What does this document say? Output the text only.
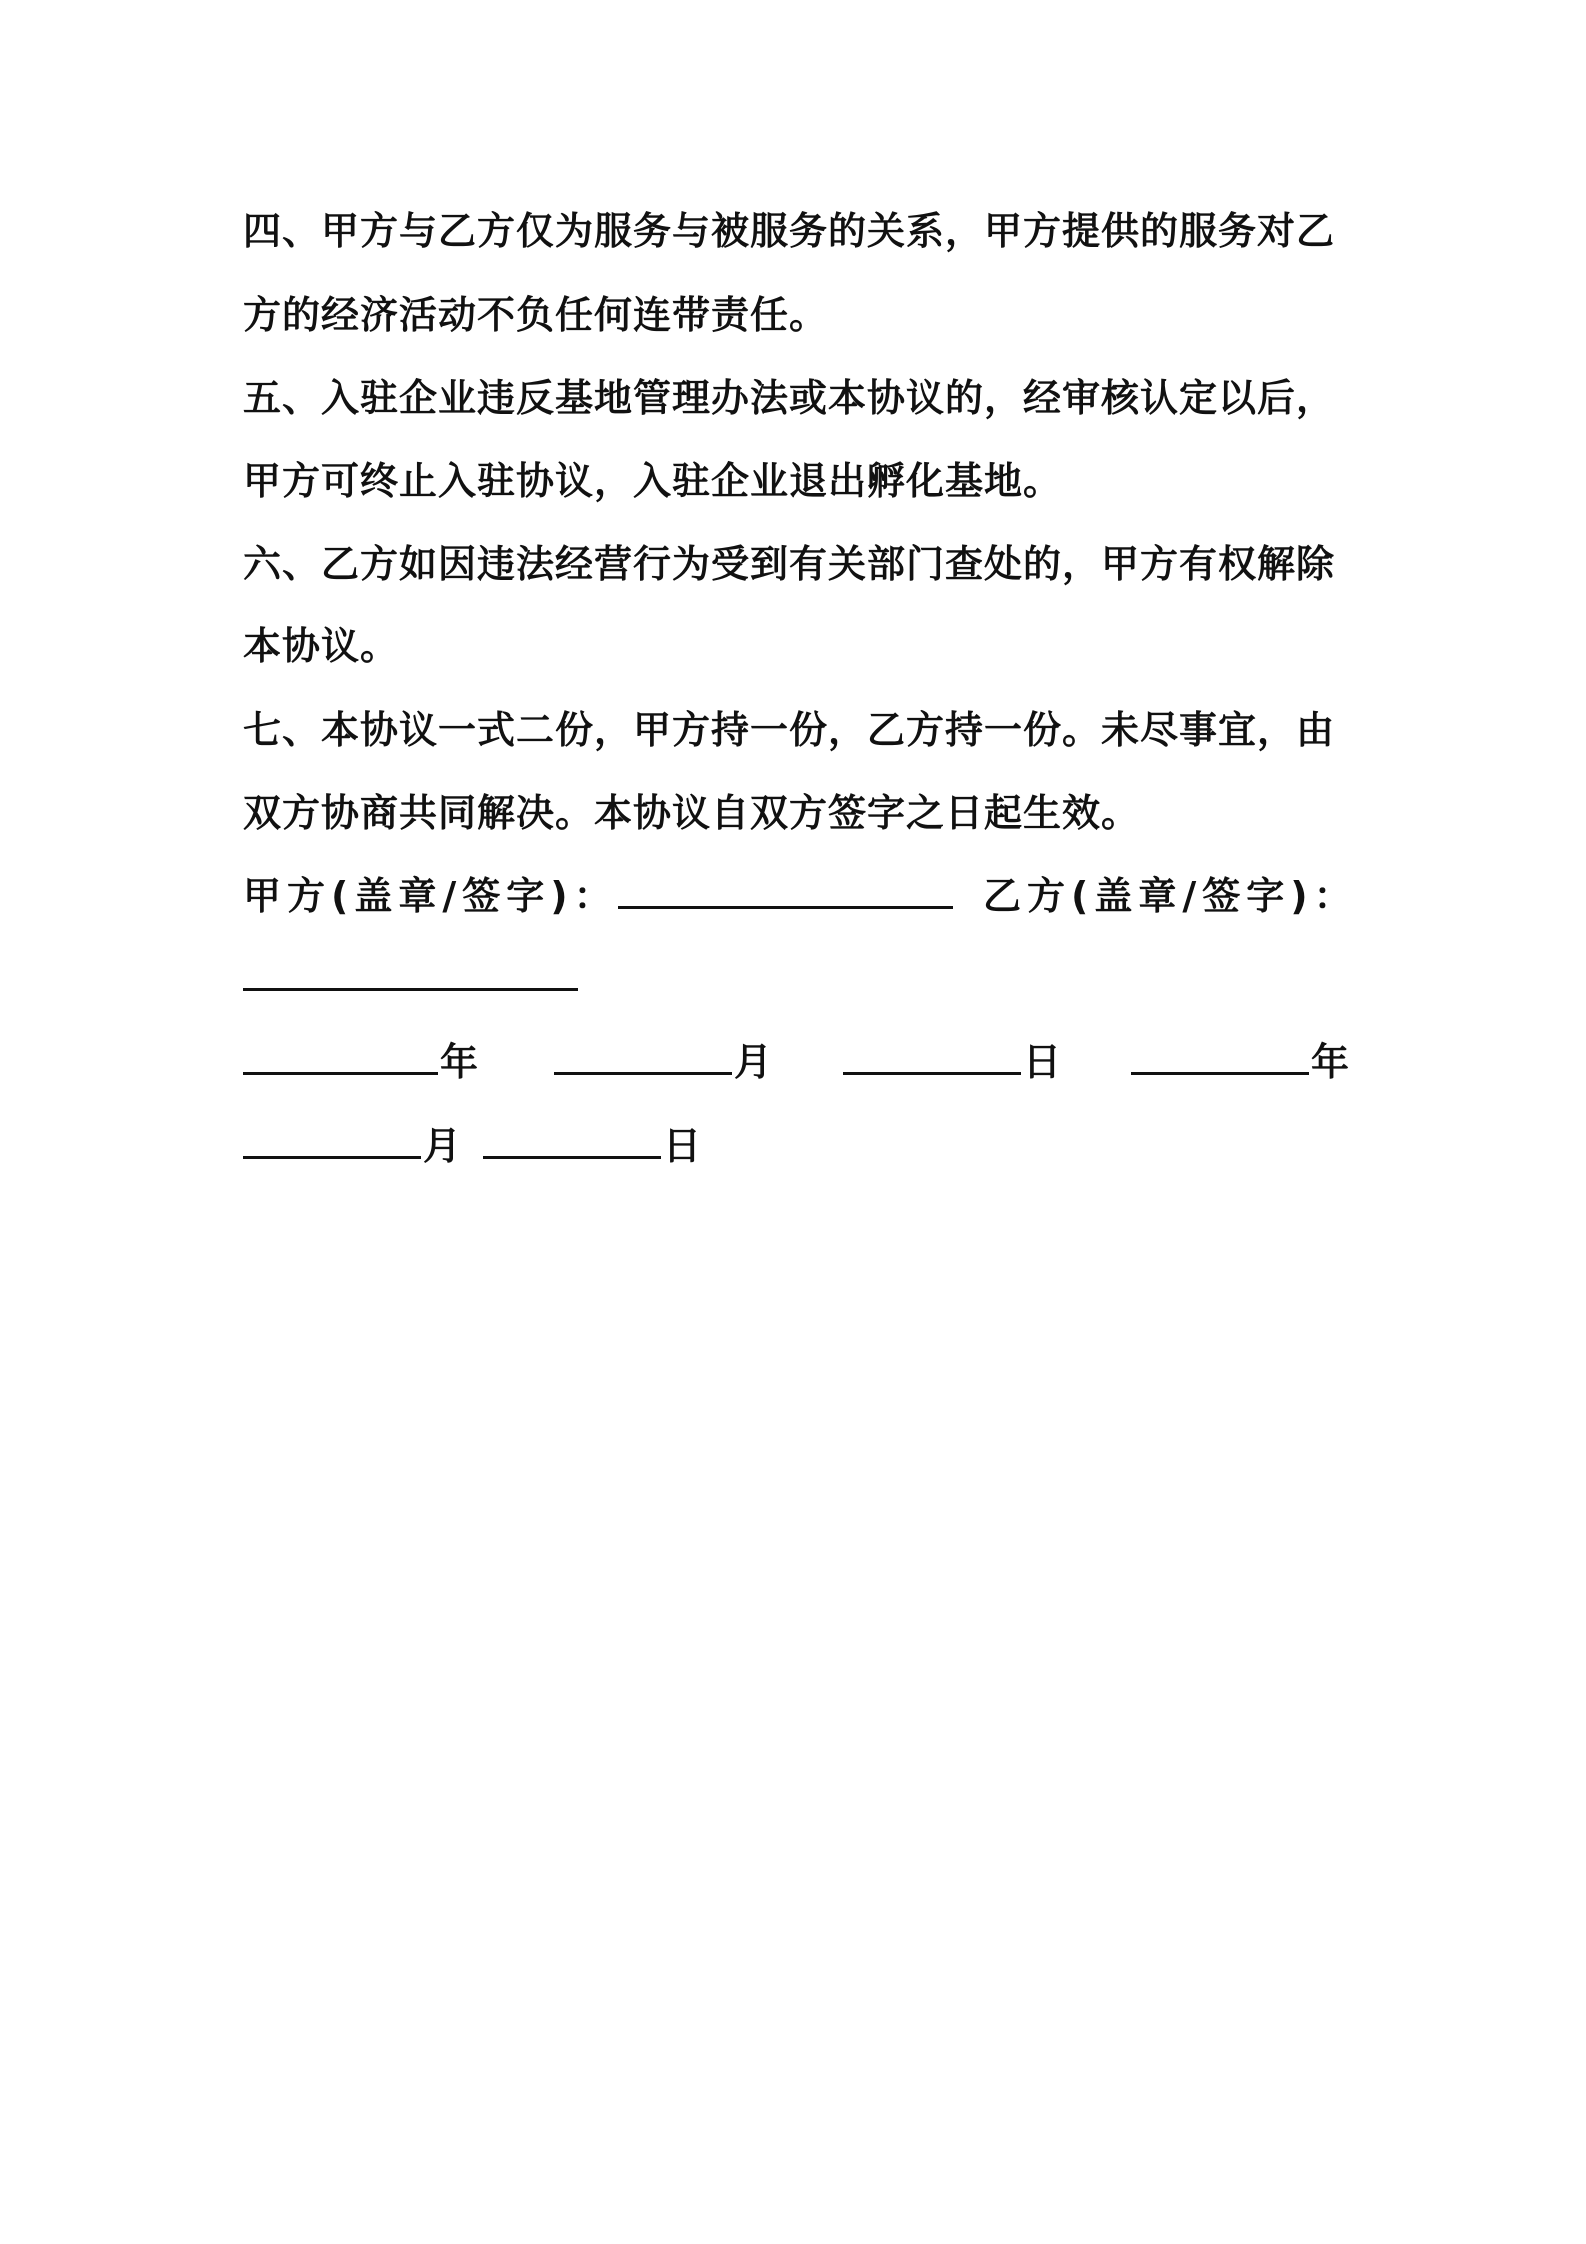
四、甲方与乙方仅为服务与被服务的关系，甲方提供的服务对乙
方的经济活动不负任何连带责任。
五、入驻企业违反基地管理办法或本协议的，经审核认定以后，
甲方可终止入驻协议，入驻企业退出孵化基地。
六、乙方如因违法经营行为受到有关部门查处的，甲方有权解除
本协议。
七、本协议一式二份，甲方持一份，乙方持一份。未尽事宜，由
双方协商共同解决。本协议自双方签字之日起生效。
甲方(盖章/签字)：	乙方(盖章/签字)：
年	月	日	年
月	日
